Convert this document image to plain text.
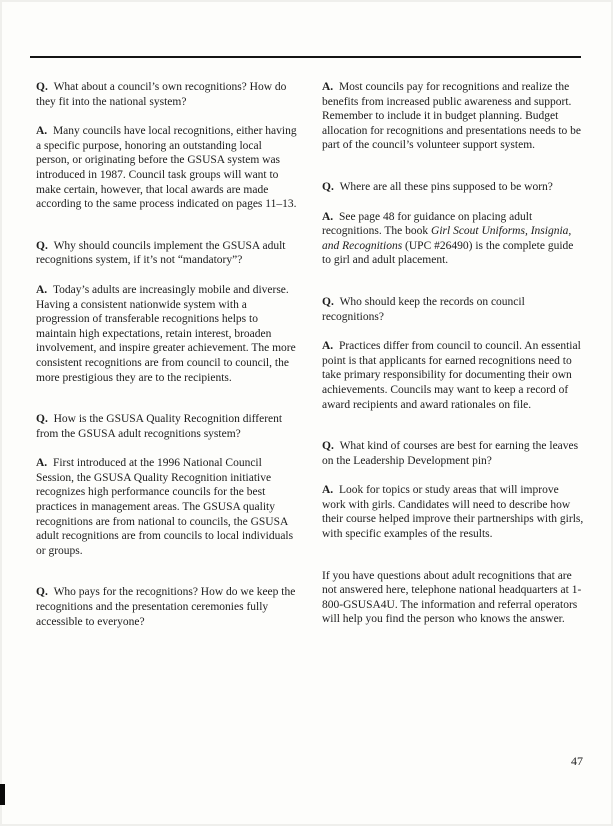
Q.  What about a council’s own recognitions? How do they fit into the national system?

A.  Many councils have local recognitions, either having a specific purpose, honoring an outstanding local person, or originating before the GSUSA system was introduced in 1987. Council task groups will want to make certain, however, that local awards are made according to the same process indicated on pages 11–13.

Q.  Why should councils implement the GSUSA adult recognitions system, if it’s not “mandatory”?

A.  Today’s adults are increasingly mobile and diverse. Having a consistent nationwide system with a progression of transferable recognitions helps to maintain high expectations, retain interest, broaden involvement, and inspire greater achievement. The more consistent recognitions are from council to council, the more prestigious they are to the recipients.

Q.  How is the GSUSA Quality Recognition different from the GSUSA adult recognitions system?

A.  First introduced at the 1996 National Council Session, the GSUSA Quality Recognition initiative recognizes high performance councils for the best practices in management areas. The GSUSA quality recognitions are from national to councils, the GSUSA adult recognitions are from councils to local individuals or groups.

Q.  Who pays for the recognitions? How do we keep the recognitions and the presentation ceremonies fully accessible to everyone?

A.  Most councils pay for recognitions and realize the benefits from increased public awareness and support. Remember to include it in budget planning. Budget allocation for recognitions and presentations needs to be part of the council’s volunteer support system.

Q.  Where are all these pins supposed to be worn?

A.  See page 48 for guidance on placing adult recognitions. The book Girl Scout Uniforms, Insignia, and Recognitions (UPC #26490) is the complete guide to girl and adult placement.

Q.  Who should keep the records on council recognitions?

A.  Practices differ from council to council. An essential point is that applicants for earned recognitions need to take primary responsibility for documenting their own achievements. Councils may want to keep a record of award recipients and award rationales on file.

Q.  What kind of courses are best for earning the leaves on the Leadership Development pin?

A.  Look for topics or study areas that will improve work with girls. Candidates will need to describe how their course helped improve their partnerships with girls, with specific examples of the results.

If you have questions about adult recognitions that are not answered here, telephone national headquarters at 1-800-GSUSA4U. The information and referral operators will help you find the person who knows the answer.

47
